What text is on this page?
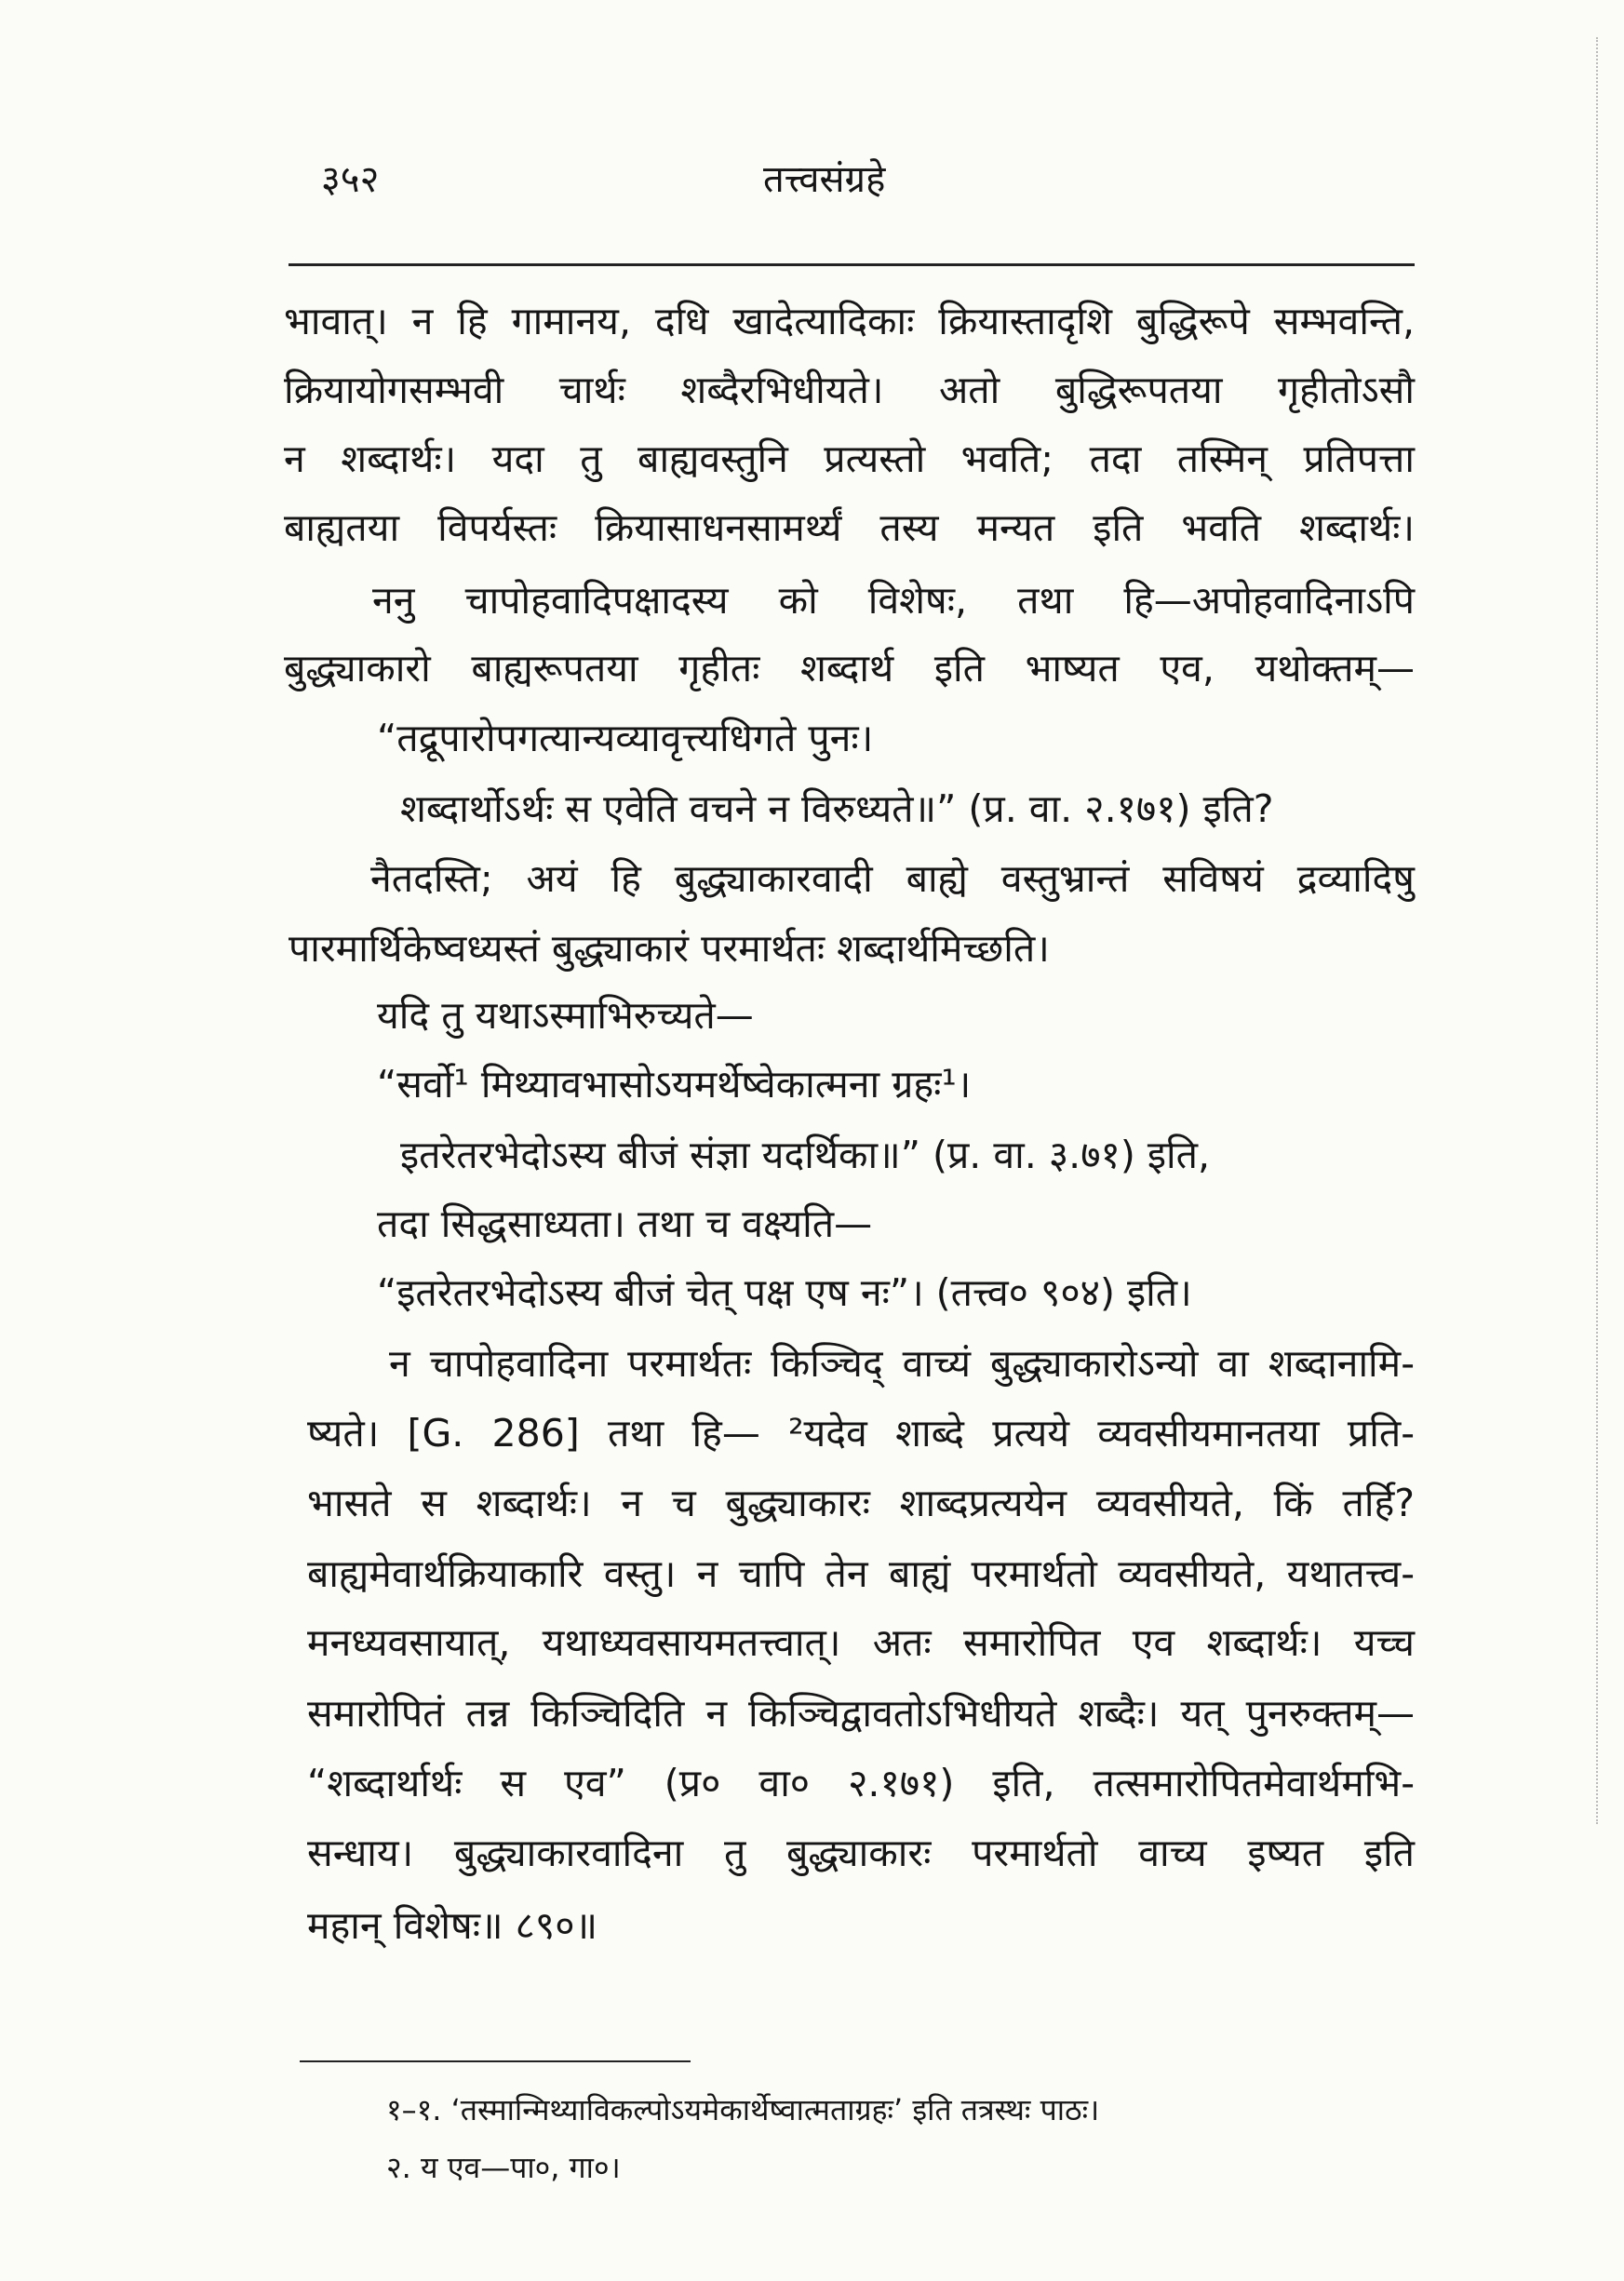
३५२	तत्त्वसंग्रहे
भावात्। न हि गामानय, दधि खादेत्यादिकाः क्रियास्तादृशि बुद्धिरूपे सम्भवन्ति,
क्रियायोगसम्भवी चार्थः शब्दैरभिधीयते। अतो बुद्धिरूपतया गृहीतोऽसौ
न शब्दार्थः। यदा तु बाह्यवस्तुनि प्रत्यस्तो भवति; तदा तस्मिन् प्रतिपत्ता
बाह्यतया विपर्यस्तः क्रियासाधनसामर्थ्यं तस्य मन्यत इति भवति शब्दार्थः।
ननु चापोहवादिपक्षादस्य को विशेषः, तथा हि—अपोहवादिनाऽपि
बुद्ध्याकारो बाह्यरूपतया गृहीतः शब्दार्थ इति भाष्यत एव, यथोक्तम्—
“तद्रूपारोपगत्यान्यव्यावृत्त्यधिगते पुनः।
शब्दार्थोऽर्थः स एवेति वचने न विरुध्यते॥” (प्र. वा. २.१७१) इति?
नैतदस्ति; अयं हि बुद्ध्याकारवादी बाह्ये वस्तुभ्रान्तं सविषयं द्रव्यादिषु
पारमार्थिकेष्वध्यस्तं बुद्ध्याकारं परमार्थतः शब्दार्थमिच्छति।
यदि तु यथाऽस्माभिरुच्यते—
“सर्वो¹ मिथ्यावभासोऽयमर्थेष्वेकात्मना ग्रहः¹।
इतरेतरभेदोऽस्य बीजं संज्ञा यदर्थिका॥” (प्र. वा. ३.७१) इति,
तदा सिद्धसाध्यता। तथा च वक्ष्यति—
“इतरेतरभेदोऽस्य बीजं चेत् पक्ष एष नः”। (तत्त्व० ९०४) इति।
न चापोहवादिना परमार्थतः किञ्चिद् वाच्यं बुद्ध्याकारोऽन्यो वा शब्दानामि-
ष्यते। [G. 286] तथा हि— ²यदेव शाब्दे प्रत्यये व्यवसीयमानतया प्रति-
भासते स शब्दार्थः। न च बुद्ध्याकारः शाब्दप्रत्ययेन व्यवसीयते, किं तर्हि?
बाह्यमेवार्थक्रियाकारि वस्तु। न चापि तेन बाह्यं परमार्थतो व्यवसीयते, यथातत्त्व-
मनध्यवसायात्, यथाध्यवसायमतत्त्वात्। अतः समारोपित एव शब्दार्थः। यच्च
समारोपितं तन्न किञ्चिदिति न किञ्चिद्वावतोऽभिधीयते शब्दैः। यत् पुनरुक्तम्—
“शब्दार्थार्थः स एव” (प्र० वा० २.१७१) इति, तत्समारोपितमेवार्थमभि-
सन्धाय। बुद्ध्याकारवादिना तु बुद्ध्याकारः परमार्थतो वाच्य इष्यत इति
महान् विशेषः॥ ८९०॥
१–१. ‘तस्मान्मिथ्याविकल्पोऽयमेकार्थेष्वात्मताग्रहः’ इति तत्रस्थः पाठः।
२. य एव—पा०, गा०।
